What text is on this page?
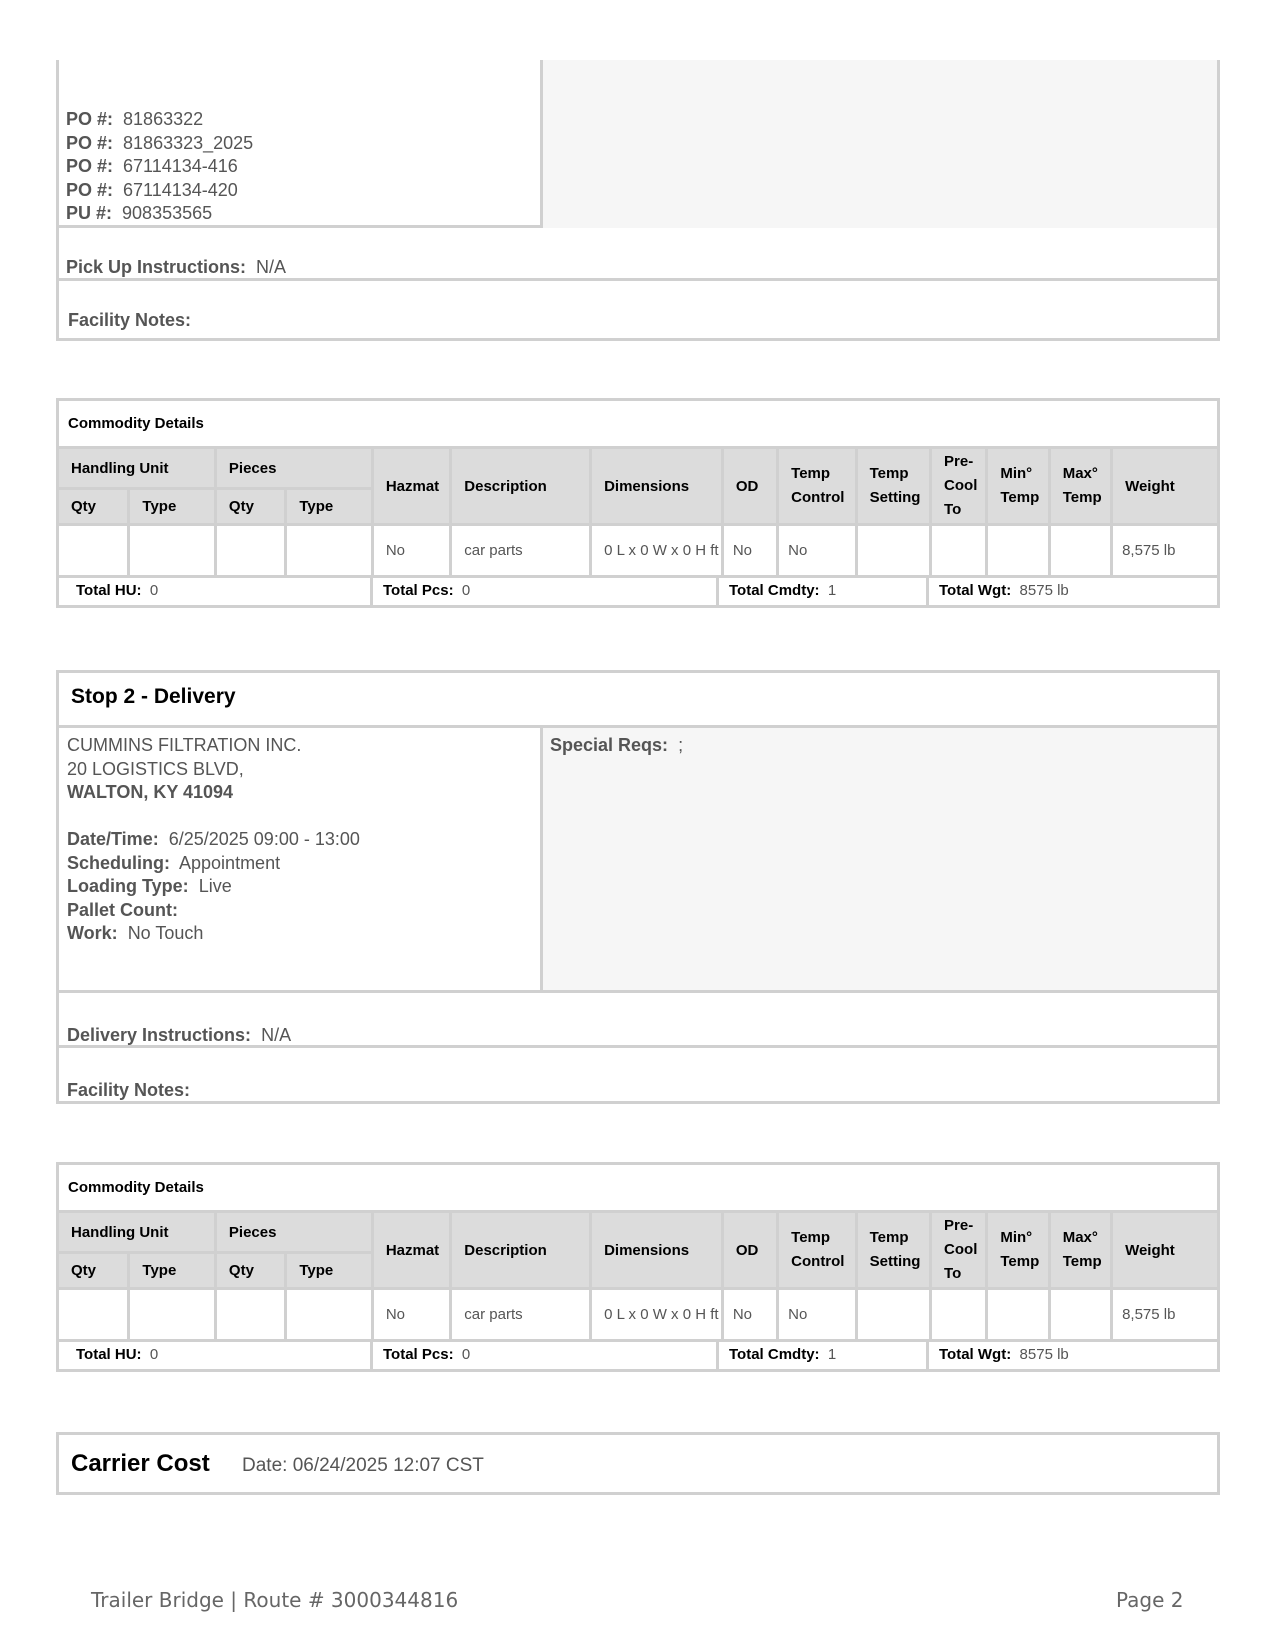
Facility Notes:
PO #: 81863322
PO #: 81863323_2025
PO #: 67114134-416
PO #: 67114134-420
PU #: 908353565
Pick Up Instructions: N/A
Commodity Details													
Handling Unit		Pieces		Hazmat	Description	Dimensions	OD	Temp Control	Temp Setting	Pre-Cool To	Min° Temp	Max° Temp	Weight
Qty	Type	Qty	Type										
				No	car parts	0 L x 0 W x 0 H ft	No	No					8,575 lb
Total HU: 0	Total Pcs: 0	Total Cmdty: 1	Total Wgt: 8575 lb
Stop 2 - Delivery
Special Reqs: ;
CUMMINS FILTRATION INC.
20 LOGISTICS BLVD,
WALTON, KY 41094
Date/Time: 6/25/2025 09:00 - 13:00
Scheduling: Appointment
Loading Type: Live
Pallet Count:
Work: No Touch
Delivery Instructions: N/A
Facility Notes:
Commodity Details													
Handling Unit		Pieces		Hazmat	Description	Dimensions	OD	Temp Control	Temp Setting	Pre-Cool To	Min° Temp	Max° Temp	Weight
Qty	Type	Qty	Type										
				No	car parts	0 L x 0 W x 0 H ft	No	No					8,575 lb
Total HU: 0	Total Pcs: 0	Total Cmdty: 1	Total Wgt: 8575 lb
Carrier Cost Date: 06/24/2025 12:07 CST
Trailer Bridge | Route # 3000344816	Page 2
